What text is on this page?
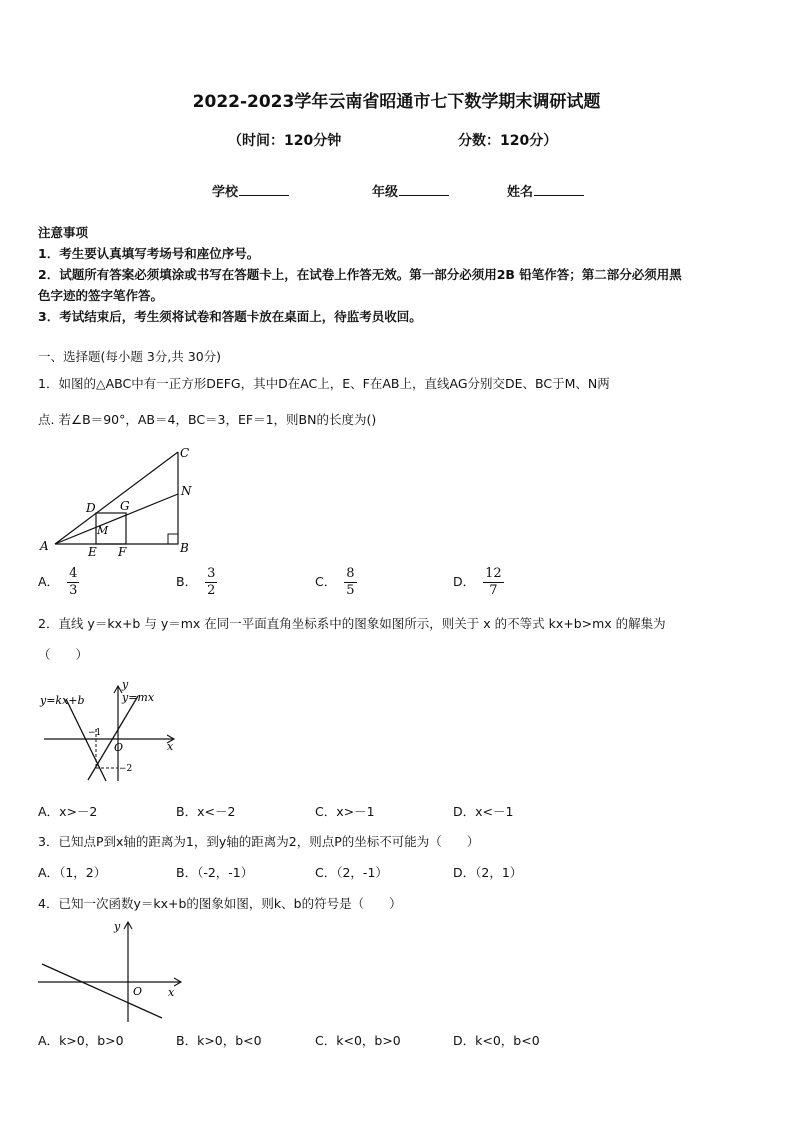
2022-2023学年云南省昭通市七下数学期末调研试题
（时间：120分钟	分数：120分）
学校	年级	姓名
注意事项
1．考生要认真填写考场号和座位序号。
2．试题所有答案必须填涂或书写在答题卡上，在试卷上作答无效。第一部分必须用2B 铅笔作答；第二部分必须用黑
色字迹的签字笔作答。
3．考试结束后，考生须将试卷和答题卡放在桌面上，待监考员收回。
一、选择题(每小题 3分,共 30分)
1．如图的△ABC中有一正方形DEFG，其中D在AC上，E、F在AB上，直线AG分别交DE、BC于M、N两
点. 若∠B＝90°，AB＝4，BC＝3，EF＝1，则BN的长度为()
A	B
C
D
E F
G
M
N
A． $\frac{4}{3}$	B． $\frac{3}{2}$	C． $\frac{8}{5}$	D． $\frac{12}{7}$
2．直线 y＝kx+b 与 y＝mx 在同一平面直角坐标系中的图象如图所示，则关于 x 的不等式 kx+b>mx 的解集为
（　　）
y=kx+b	y=mx
y
x
O
−1
−2
A．x>－2	B．x<－2	C．x>－1	D．x<－1
3．已知点P到x轴的距离为1，到y轴的距离为2，则点P的坐标不可能为（　　）
A．（1，2）	B．（-2，-1）	C．（2，-1）	D．（2，1）
4．已知一次函数y＝kx+b的图象如图，则k、b的符号是（　　）
y
x
O
A．k>0，b>0	B．k>0，b<0	C．k<0，b>0	D．k<0，b<0
